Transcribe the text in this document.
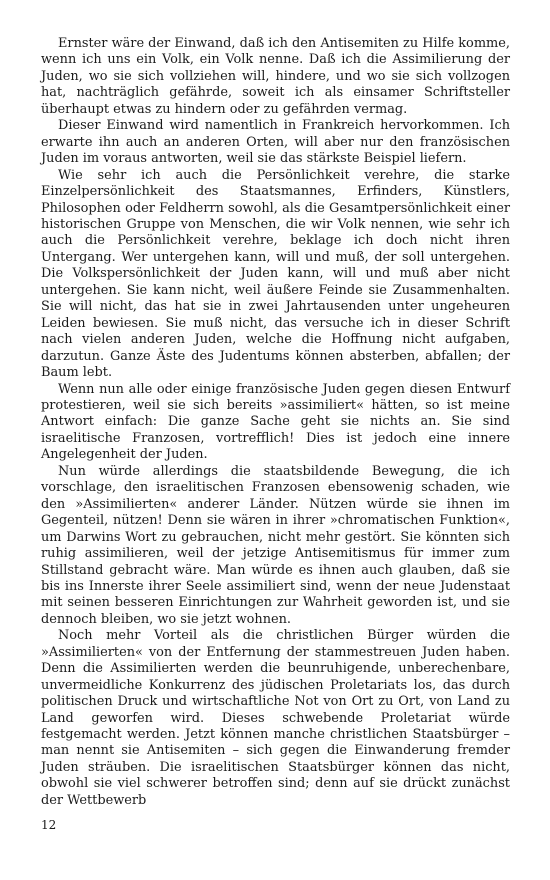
Ernster wäre der Einwand, daß ich den Antisemiten zu Hilfe komme, wenn ich uns ein Volk, ein Volk nenne. Daß ich die Assimilierung der Juden, wo sie sich vollziehen will, hindere, und wo sie sich vollzogen hat, nachträglich gefährde, soweit ich als einsamer Schriftsteller überhaupt etwas zu hindern oder zu gefährden vermag.

Dieser Einwand wird namentlich in Frankreich hervorkommen. Ich erwarte ihn auch an anderen Orten, will aber nur den französischen Juden im voraus antworten, weil sie das stärkste Beispiel liefern.

Wie sehr ich auch die Persönlichkeit verehre, die starke Einzelpersönlichkeit des Staatsmannes, Erfinders, Künstlers, Philosophen oder Feldherrn sowohl, als die Gesamtpersönlichkeit einer historischen Gruppe von Menschen, die wir Volk nennen, wie sehr ich auch die Persönlichkeit verehre, beklage ich doch nicht ihren Untergang. Wer untergehen kann, will und muß, der soll untergehen. Die Volkspersönlichkeit der Juden kann, will und muß aber nicht untergehen. Sie kann nicht, weil äußere Feinde sie Zusammenhalten. Sie will nicht, das hat sie in zwei Jahrtausenden unter ungeheuren Leiden bewiesen. Sie muß nicht, das versuche ich in dieser Schrift nach vielen anderen Juden, welche die Hoffnung nicht aufgaben, darzutun. Ganze Äste des Judentums können absterben, abfallen; der Baum lebt.

Wenn nun alle oder einige französische Juden gegen diesen Entwurf protestieren, weil sie sich bereits »assimiliert« hätten, so ist meine Antwort einfach: Die ganze Sache geht sie nichts an. Sie sind israelitische Franzosen, vortrefflich! Dies ist jedoch eine innere Angelegenheit der Juden.

Nun würde allerdings die staatsbildende Bewegung, die ich vorschlage, den israelitischen Franzosen ebensowenig schaden, wie den »Assimilierten« anderer Länder. Nützen würde sie ihnen im Gegenteil, nützen! Denn sie wären in ihrer »chromatischen Funktion«, um Darwins Wort zu gebrauchen, nicht mehr gestört. Sie könnten sich ruhig assimilieren, weil der jetzige Antisemitismus für immer zum Stillstand gebracht wäre. Man würde es ihnen auch glauben, daß sie bis ins Innerste ihrer Seele assimiliert sind, wenn der neue Judenstaat mit seinen besseren Einrichtungen zur Wahrheit geworden ist, und sie dennoch bleiben, wo sie jetzt wohnen.

Noch mehr Vorteil als die christlichen Bürger würden die »Assimilierten« von der Entfernung der stammestreuen Juden haben. Denn die Assimilierten werden die beunruhigende, unberechenbare, unvermeidliche Konkurrenz des jüdischen Proletariats los, das durch politischen Druck und wirtschaftliche Not von Ort zu Ort, von Land zu Land geworfen wird. Dieses schwebende Proletariat würde festgemacht werden. Jetzt können manche christlichen Staatsbürger – man nennt sie Antisemiten – sich gegen die Einwanderung fremder Juden sträuben. Die israelitischen Staatsbürger können das nicht, obwohl sie viel schwerer betroffen sind; denn auf sie drückt zunächst der Wettbewerb

12
